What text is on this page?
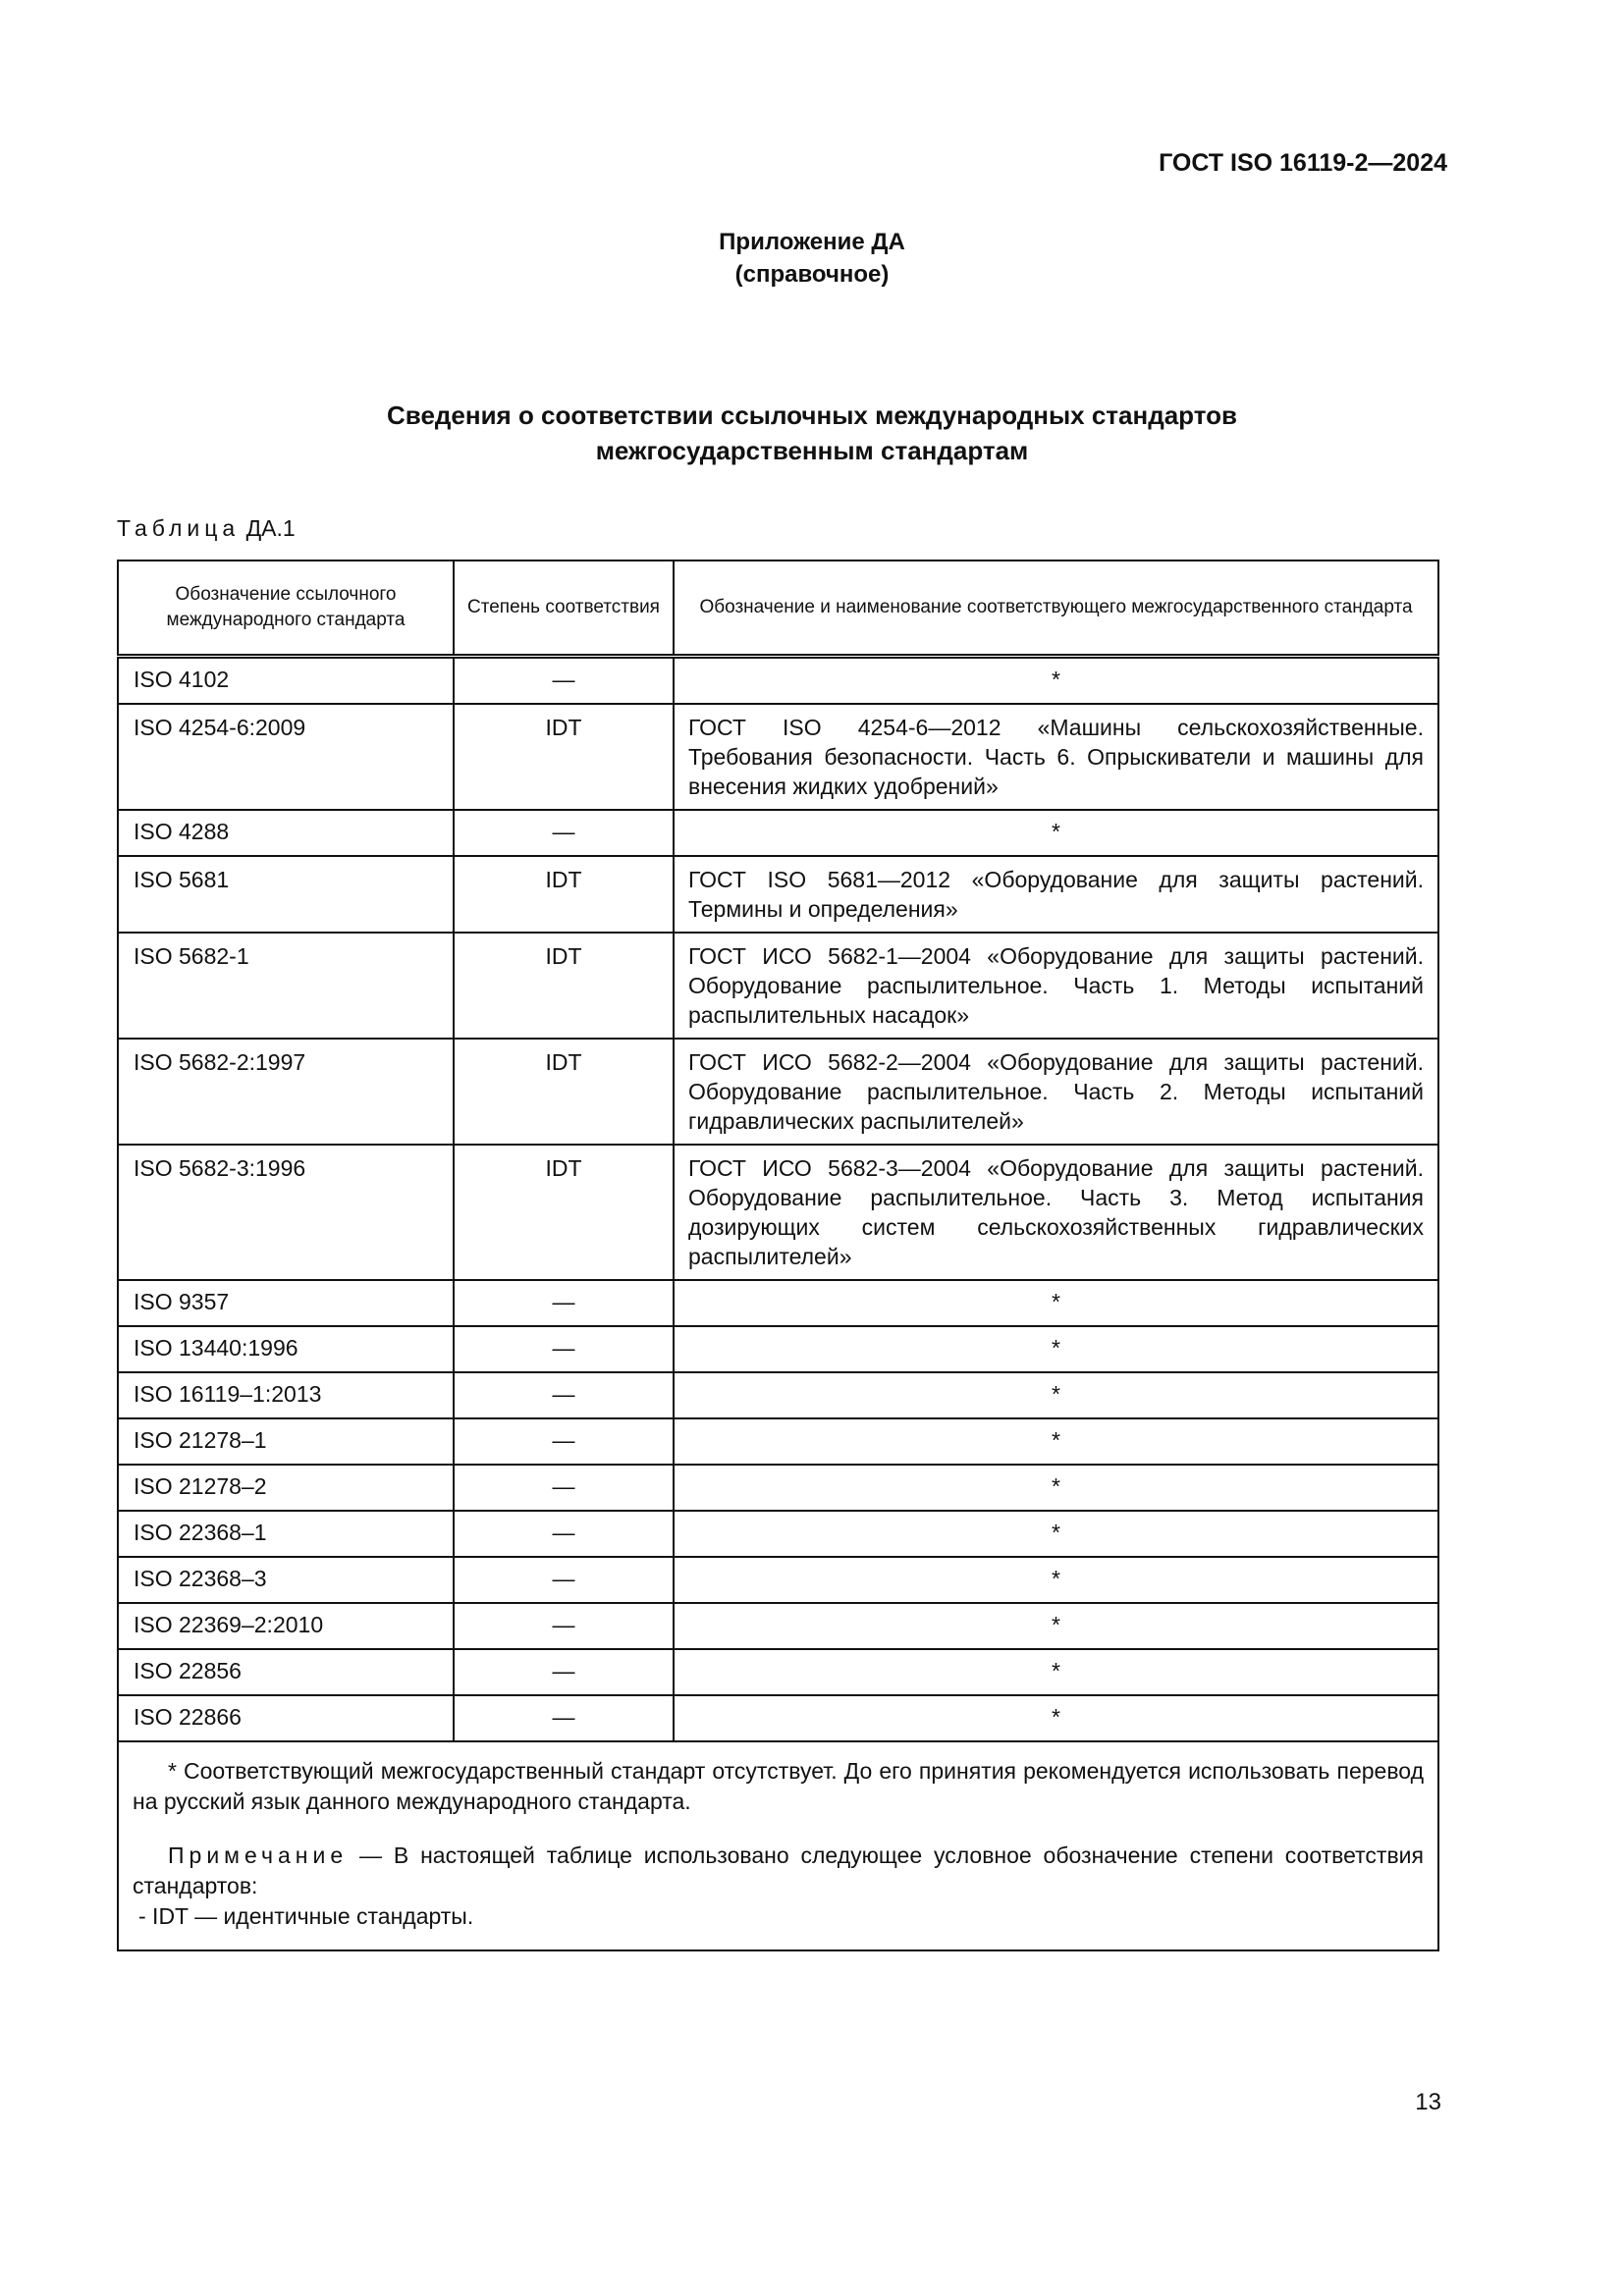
ГОСТ ISO 16119-2—2024
Приложение ДА
(справочное)
Сведения о соответствии ссылочных международных стандартов
межгосударственным стандартам
Таблица ДА.1
Обозначение ссылочного международного стандарта	Степень соответствия	Обозначение и наименование соответствующего межгосударственного стандарта
ISO 4102	—	*
ISO 4254-6:2009	IDT	ГОСТ ISO 4254-6—2012 «Машины сельскохозяйственные. Требования безопасности. Часть 6. Опрыскиватели и машины для внесения жидких удобрений»
ISO 4288	—	*
ISO 5681	IDT	ГОСТ ISO 5681—2012 «Оборудование для защиты растений. Термины и определения»
ISO 5682-1	IDT	ГОСТ ИСО 5682-1—2004 «Оборудование для защиты растений. Оборудование распылительное. Часть 1. Методы испытаний распылительных насадок»
ISO 5682-2:1997	IDT	ГОСТ ИСО 5682-2—2004 «Оборудование для защиты растений. Оборудование распылительное. Часть 2. Методы испытаний гидравлических распылителей»
ISO 5682-3:1996	IDT	ГОСТ ИСО 5682-3—2004 «Оборудование для защиты растений. Оборудование распылительное. Часть 3. Метод испытания дозирующих систем сельскохозяйственных гидравлических распылителей»
ISO 9357	—	*
ISO 13440:1996	—	*
ISO 16119–1:2013	—	*
ISO 21278–1	—	*
ISO 21278–2	—	*
ISO 22368–1	—	*
ISO 22368–3	—	*
ISO 22369–2:2010	—	*
ISO 22856	—	*
ISO 22866	—	*

* Соответствующий межгосударственный стандарт отсутствует. До его принятия рекомендуется использовать перевод на русский язык данного международного стандарта.

Примечание — В настоящей таблице использовано следующее условное обозначение степени соответствия стандартов:

- IDT — идентичные стандарты.		

13
